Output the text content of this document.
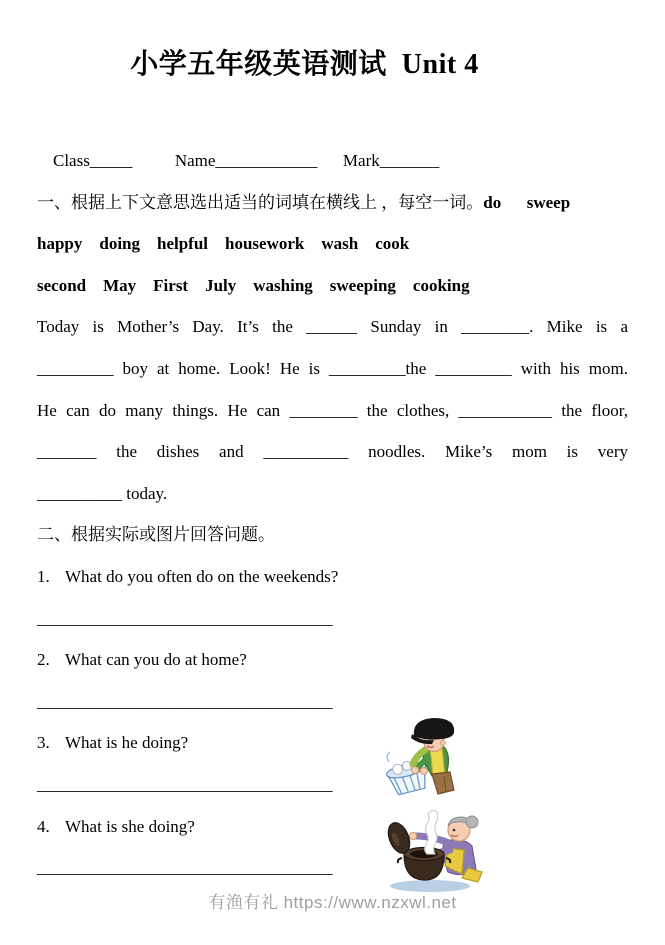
小学五年级英语测试  Unit 4
Class_____          Name____________      Mark_______
一、根据上下文意思选出适当的词填在横线上 ，每空一词。do      sweep
happy    doing    helpful    housework    wash    cook
second    May    First    July    washing    sweeping    cooking
Today is Mother’s Day. It’s the ______ Sunday in ________. Mike is a
_________ boy at home. Look! He is _________the _________ with his mom.
He can do many things. He can ________ the clothes, ___________ the floor,
_______ the dishes and __________ noodles. Mike’s mom is very
__________ today.
二、根据实际或图片回答问题。
1. What do you often do on the weekends?
__________________________________
2. What can you do at home?
__________________________________
3. What is he doing?
__________________________________
4. What is she doing?
__________________________________
有渔有礼 https://www.nzxwl.net
